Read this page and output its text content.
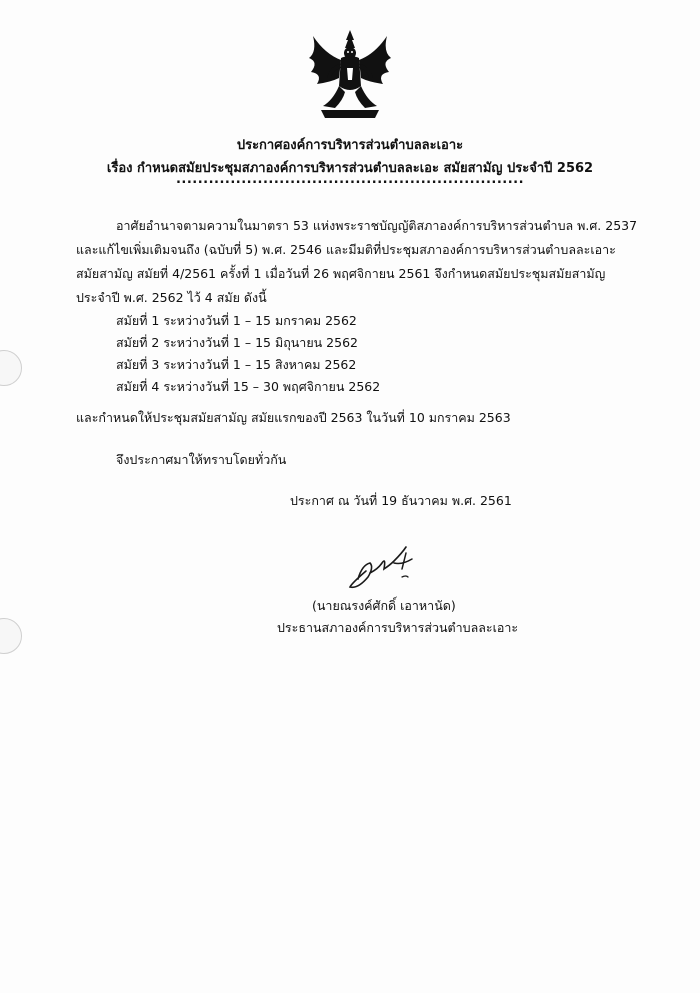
ประกาศองค์การบริหารส่วนตำบลละเอาะ
เรื่อง กำหนดสมัยประชุมสภาองค์การบริหารส่วนตำบลละเอะ สมัยสามัญ ประจำปี 2562
................................................................
อาศัยอำนาจตามความในมาตรา 53 แห่งพระราชบัญญัติสภาองค์การบริหารส่วนตำบล พ.ศ. 2537
และแก้ไขเพิ่มเติมจนถึง (ฉบับที่ 5) พ.ศ. 2546 และมีมติที่ประชุมสภาองค์การบริหารส่วนตำบลละเอาะ
สมัยสามัญ สมัยที่ 4/2561 ครั้งที่ 1 เมื่อวันที่ 26 พฤศจิกายน 2561 จึงกำหนดสมัยประชุมสมัยสามัญ
ประจำปี พ.ศ. 2562 ไว้ 4 สมัย ดังนี้
สมัยที่ 1 ระหว่างวันที่ 1 – 15 มกราคม 2562
สมัยที่ 2 ระหว่างวันที่ 1 – 15 มิถุนายน 2562
สมัยที่ 3 ระหว่างวันที่ 1 – 15 สิงหาคม 2562
สมัยที่ 4 ระหว่างวันที่ 15 – 30 พฤศจิกายน 2562
และกำหนดให้ประชุมสมัยสามัญ สมัยแรกของปี 2563 ในวันที่ 10 มกราคม 2563
จึงประกาศมาให้ทราบโดยทั่วกัน
ประกาศ ณ วันที่ 19 ธันวาคม พ.ศ. 2561
(นายณรงค์ศักดิ์ เอาหานัด)
ประธานสภาองค์การบริหารส่วนตำบลละเอาะ
